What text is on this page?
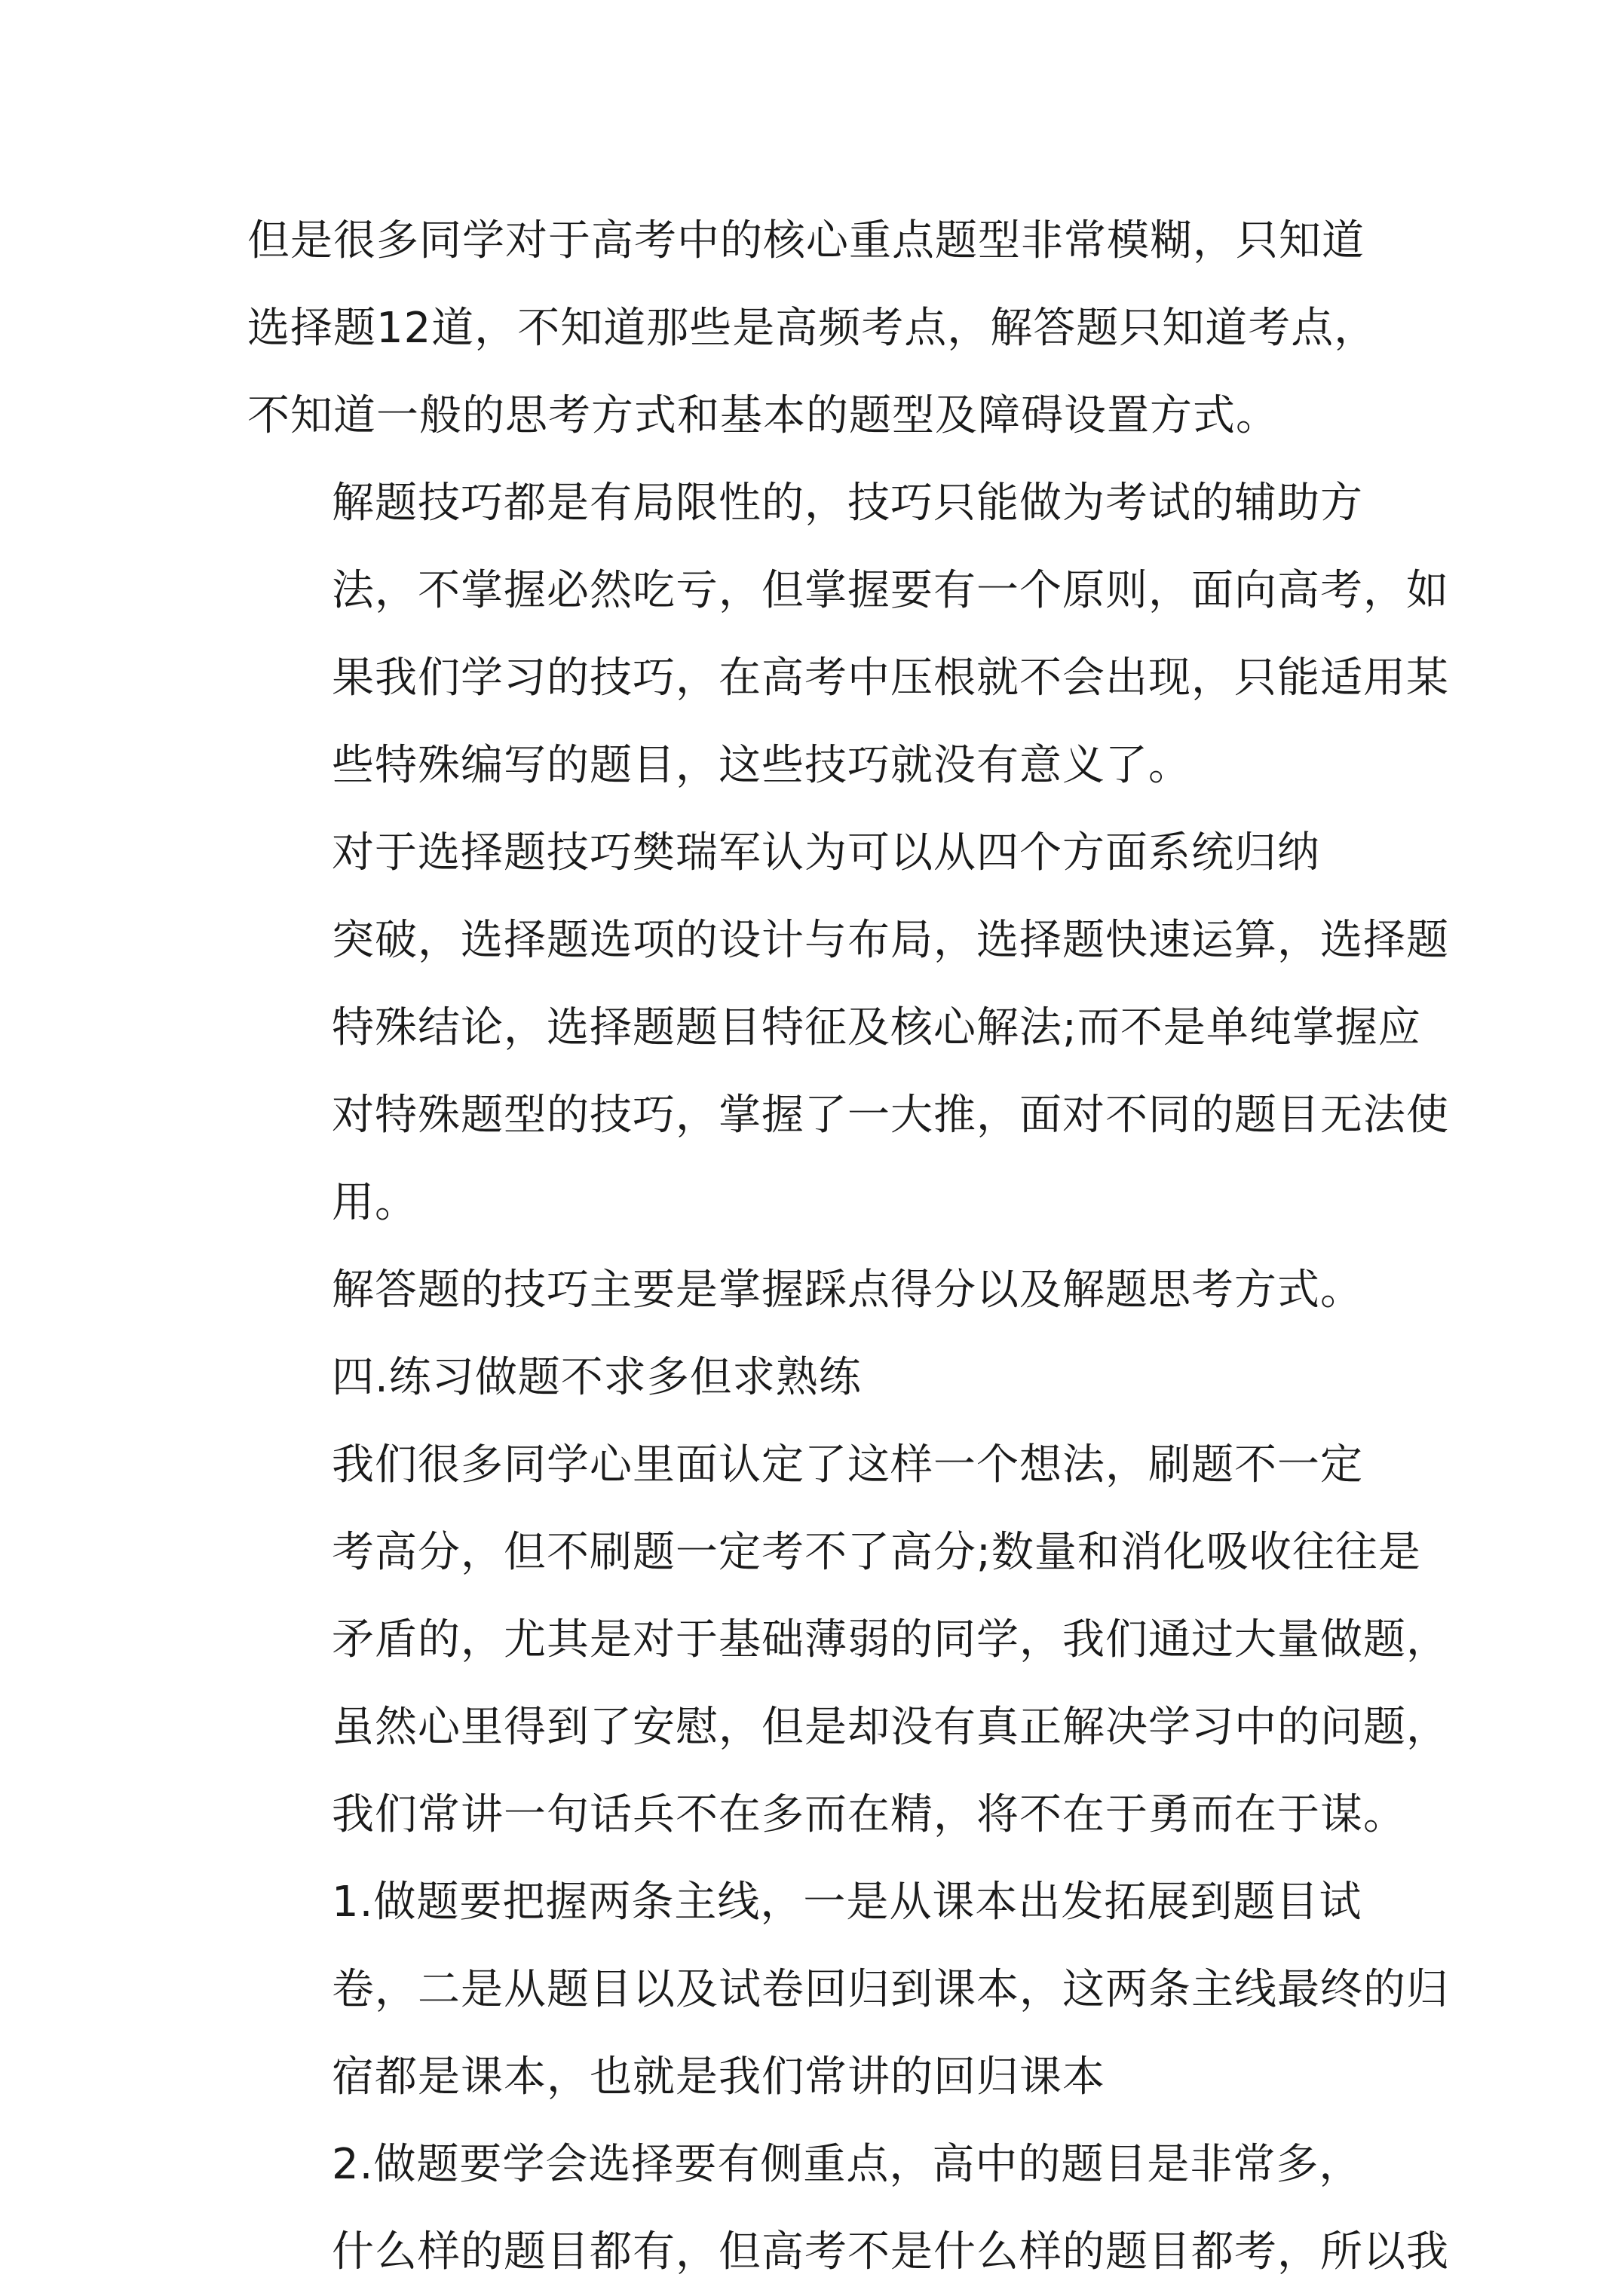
但是很多同学对于高考中的核心重点题型非常模糊，只知道
选择题12道，不知道那些是高频考点，解答题只知道考点，
不知道一般的思考方式和基本的题型及障碍设置方式。

解题技巧都是有局限性的，技巧只能做为考试的辅助方
法，不掌握必然吃亏，但掌握要有一个原则，面向高考，如
果我们学习的技巧，在高考中压根就不会出现，只能适用某
些特殊编写的题目，这些技巧就没有意义了。

对于选择题技巧樊瑞军认为可以从四个方面系统归纳
突破，选择题选项的设计与布局，选择题快速运算，选择题
特殊结论，选择题题目特征及核心解法;而不是单纯掌握应
对特殊题型的技巧，掌握了一大推，面对不同的题目无法使
用。

解答题的技巧主要是掌握踩点得分以及解题思考方式。

四.练习做题不求多但求熟练

我们很多同学心里面认定了这样一个想法，刷题不一定
考高分，但不刷题一定考不了高分;数量和消化吸收往往是
矛盾的，尤其是对于基础薄弱的同学，我们通过大量做题，
虽然心里得到了安慰，但是却没有真正解决学习中的问题，
我们常讲一句话兵不在多而在精，将不在于勇而在于谋。

1.做题要把握两条主线，一是从课本出发拓展到题目试
卷，二是从题目以及试卷回归到课本，这两条主线最终的归
宿都是课本，也就是我们常讲的回归课本

2.做题要学会选择要有侧重点，高中的题目是非常多，
什么样的题目都有，但高考不是什么样的题目都考，所以我
